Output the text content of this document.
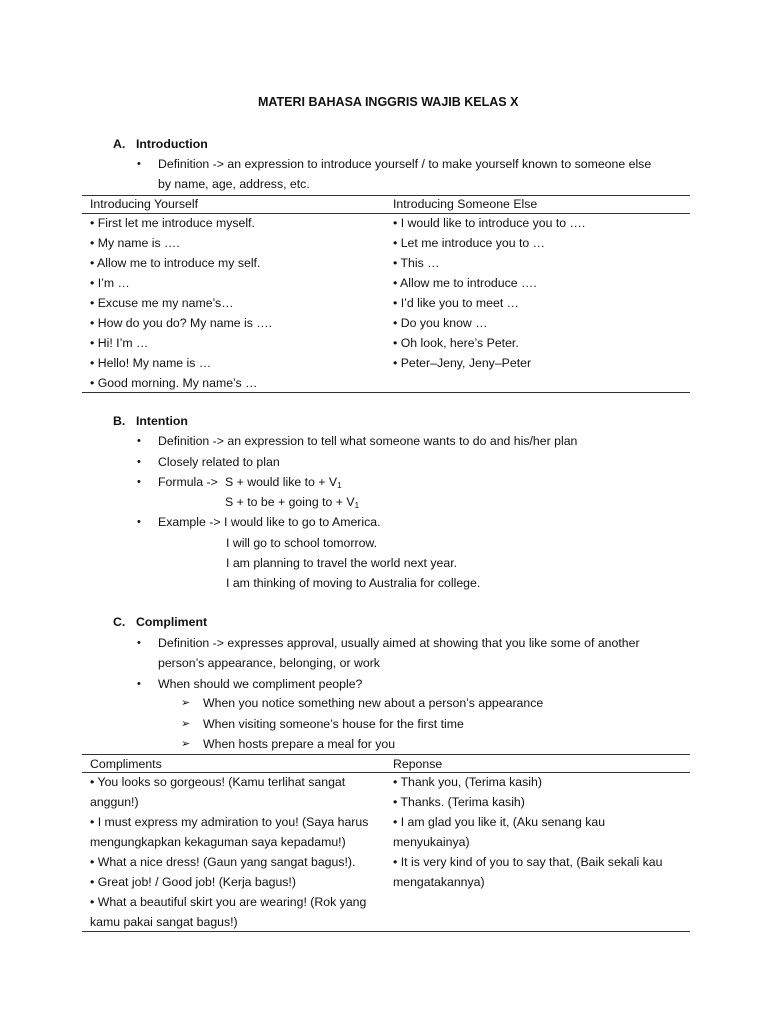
MATERI BAHASA INGGRIS WAJIB KELAS X
A. Introduction
• Definition -> an expression to introduce yourself / to make yourself known to someone else
by name, age, address, etc.
Introducing Yourself	Introducing Someone Else
• First let me introduce myself.
• My name is ….
• Allow me to introduce my self.
• I’m …
• Excuse me my name’s…
• How do you do? My name is ….
• Hi! I’m …
• Hello! My name is …
• Good morning. My name’s …
• I would like to introduce you to ….
• Let me introduce you to …
• This …
• Allow me to introduce ….
• I’d like you to meet …
• Do you know …
• Oh look, here’s Peter.
• Peter–Jeny, Jeny–Peter
B. Intention
• Definition -> an expression to tell what someone wants to do and his/her plan
• Closely related to plan
• Formula -> S + would like to + $V_1$
S + to be + going to + $V_1$
• Example -> I would like to go to America.
I will go to school tomorrow.
I am planning to travel the world next year.
I am thinking of moving to Australia for college.
C. Compliment
• Definition -> expresses approval, usually aimed at showing that you like some of another
person’s appearance, belonging, or work
• When should we compliment people?
➢ When you notice something new about a person’s appearance
➢ When visiting someone’s house for the first time
➢ When hosts prepare a meal for you
Compliments	Reponse
• You looks so gorgeous! (Kamu terlihat sangat
anggun!)
• I must express my admiration to you! (Saya harus
mengungkapkan kekaguman saya kepadamu!)
• What a nice dress! (Gaun yang sangat bagus!).
• Great job! / Good job! (Kerja bagus!)
• What a beautiful skirt you are wearing! (Rok yang
kamu pakai sangat bagus!)
• Thank you, (Terima kasih)
• Thanks. (Terima kasih)
• I am glad you like it, (Aku senang kau
menyukainya)
• It is very kind of you to say that, (Baik sekali kau
mengatakannya)
